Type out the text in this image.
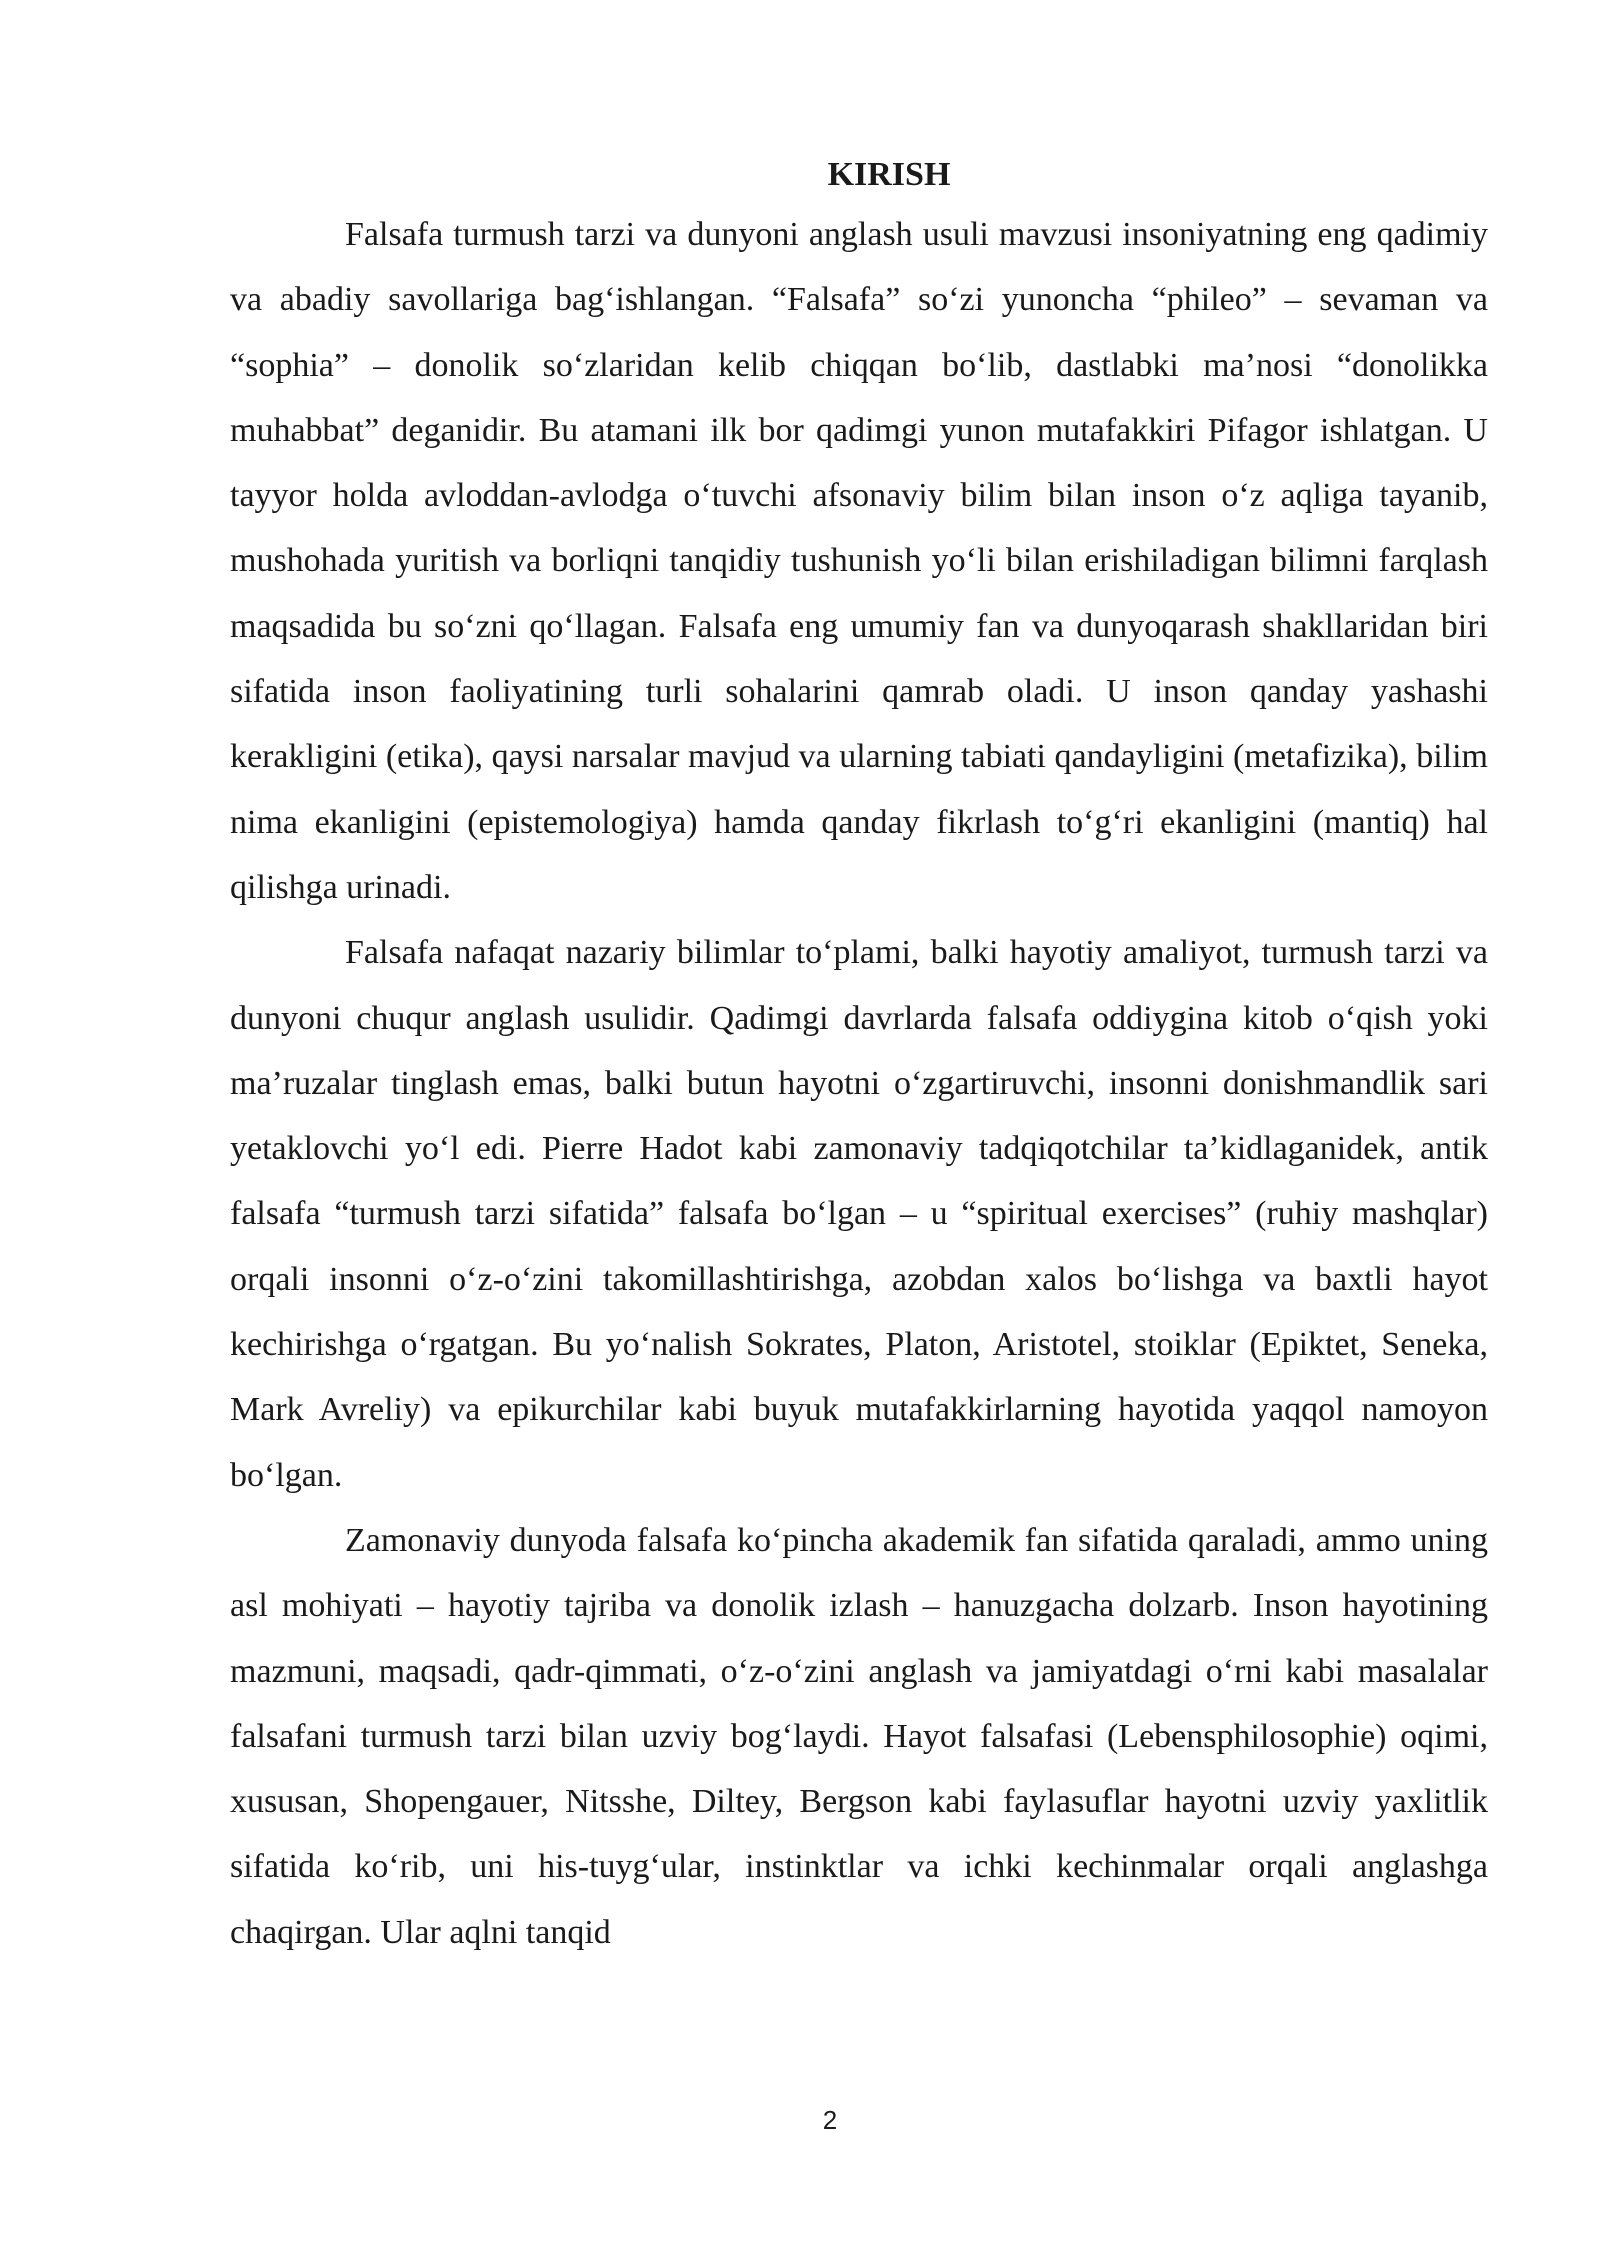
KIRISH

Falsafa turmush tarzi va dunyoni anglash usuli mavzusi insoniyatning eng qadimiy va abadiy savollariga bag‘ishlangan. “Falsafa” so‘zi yunoncha “phileo” – sevaman va “sophia” – donolik so‘zlaridan kelib chiqqan bo‘lib, dastlabki ma’nosi “donolikka muhabbat” deganidir. Bu atamani ilk bor qadimgi yunon mutafakkiri Pifagor ishlatgan. U tayyor holda avloddan-avlodga o‘tuvchi afsonaviy bilim bilan inson o‘z aqliga tayanib, mushohada yuritish va borliqni tanqidiy tushunish yo‘li bilan erishiladigan bilimni farqlash maqsadida bu so‘zni qo‘llagan. Falsafa eng umumiy fan va dunyoqarash shakllaridan biri sifatida inson faoliyatining turli sohalarini qamrab oladi. U inson qanday yashashi kerakligini (etika), qaysi narsalar mavjud va ularning tabiati qandayligini (metafizika), bilim nima ekanligini (epistemologiya) hamda qanday fikrlash to‘g‘ri ekanligini (mantiq) hal qilishga urinadi.

Falsafa nafaqat nazariy bilimlar to‘plami, balki hayotiy amaliyot, turmush tarzi va dunyoni chuqur anglash usulidir. Qadimgi davrlarda falsafa oddiygina kitob o‘qish yoki ma’ruzalar tinglash emas, balki butun hayotni o‘zgartiruvchi, insonni donishmandlik sari yetaklovchi yo‘l edi. Pierre Hadot kabi zamonaviy tadqiqotchilar ta’kidlaganidek, antik falsafa “turmush tarzi sifatida” falsafa bo‘lgan – u “spiritual exercises” (ruhiy mashqlar) orqali insonni o‘z-o‘zini takomillashtirishga, azobdan xalos bo‘lishga va baxtli hayot kechirishga o‘rgatgan. Bu yo‘nalish Sokrates, Platon, Aristotel, stoiklar (Epiktet, Seneka, Mark Avreliy) va epikurchilar kabi buyuk mutafakkirlarning hayotida yaqqol namoyon bo‘lgan.

Zamonaviy dunyoda falsafa ko‘pincha akademik fan sifatida qaraladi, ammo uning asl mohiyati – hayotiy tajriba va donolik izlash – hanuzgacha dolzarb. Inson hayotining mazmuni, maqsadi, qadr-qimmati, o‘z-o‘zini anglash va jamiyatdagi o‘rni kabi masalalar falsafani turmush tarzi bilan uzviy bog‘laydi. Hayot falsafasi (Lebensphilosophie) oqimi, xususan, Shopengauer, Nitsshe, Diltey, Bergson kabi faylasuflar hayotni uzviy yaxlitlik sifatida ko‘rib, uni his-tuyg‘ular, instinktlar va ichki kechinmalar orqali anglashga chaqirgan. Ular aqlni tanqid

2
